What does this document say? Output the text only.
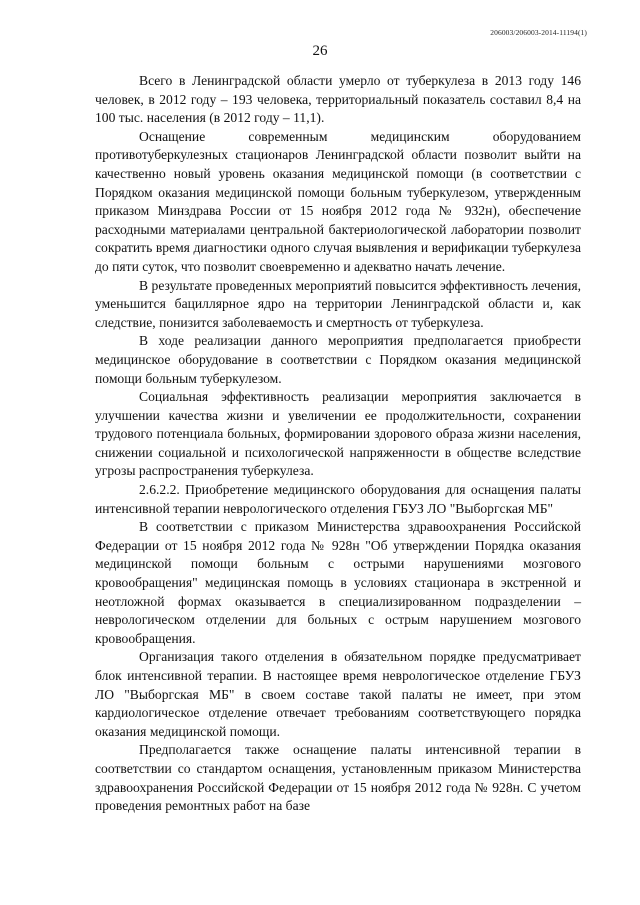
206003/206003-2014-11194(1)
26

Всего в Ленинградской области умерло от туберкулеза в 2013 году 146 человек, в 2012 году – 193 человека, территориальный показатель составил 8,4 на 100 тыс. населения (в 2012 году – 11,1).

Оснащение современным медицинским оборудованием противотуберкулезных стационаров Ленинградской области позволит выйти на качественно новый уровень оказания медицинской помощи (в соответствии с Порядком оказания медицинской помощи больным туберкулезом, утвержденным приказом Минздрава России от 15 ноября 2012 года № 932н), обеспечение расходными материалами центральной бактериологической лаборатории позволит сократить время диагностики одного случая выявления и верификации туберкулеза до пяти суток, что позволит своевременно и адекватно начать лечение.

В результате проведенных мероприятий повысится эффективность лечения, уменьшится бациллярное ядро на территории Ленинградской области и, как следствие, понизится заболеваемость и смертность от туберкулеза.

В ходе реализации данного мероприятия предполагается приобрести медицинское оборудование в соответствии с Порядком оказания медицинской помощи больным туберкулезом.

Социальная эффективность реализации мероприятия заключается в улучшении качества жизни и увеличении ее продолжительности, сохранении трудового потенциала больных, формировании здорового образа жизни населения, снижении социальной и психологической напряженности в обществе вследствие угрозы распространения туберкулеза.

2.6.2.2. Приобретение медицинского оборудования для оснащения палаты интенсивной терапии неврологического отделения ГБУЗ ЛО "Выборгская МБ"

В соответствии с приказом Министерства здравоохранения Российской Федерации от 15 ноября 2012 года № 928н "Об утверждении Порядка оказания медицинской помощи больным с острыми нарушениями мозгового кровообращения" медицинская помощь в условиях стационара в экстренной и неотложной формах оказывается в специализированном подразделении – неврологическом отделении для больных с острым нарушением мозгового кровообращения.

Организация такого отделения в обязательном порядке предусматривает блок интенсивной терапии. В настоящее время неврологическое отделение ГБУЗ ЛО "Выборгская МБ" в своем составе такой палаты не имеет, при этом кардиологическое отделение отвечает требованиям соответствующего порядка оказания медицинской помощи.

Предполагается также оснащение палаты интенсивной терапии в соответствии со стандартом оснащения, установленным приказом Министерства здравоохранения Российской Федерации от 15 ноября 2012 года № 928н. С учетом проведения ремонтных работ на базе
